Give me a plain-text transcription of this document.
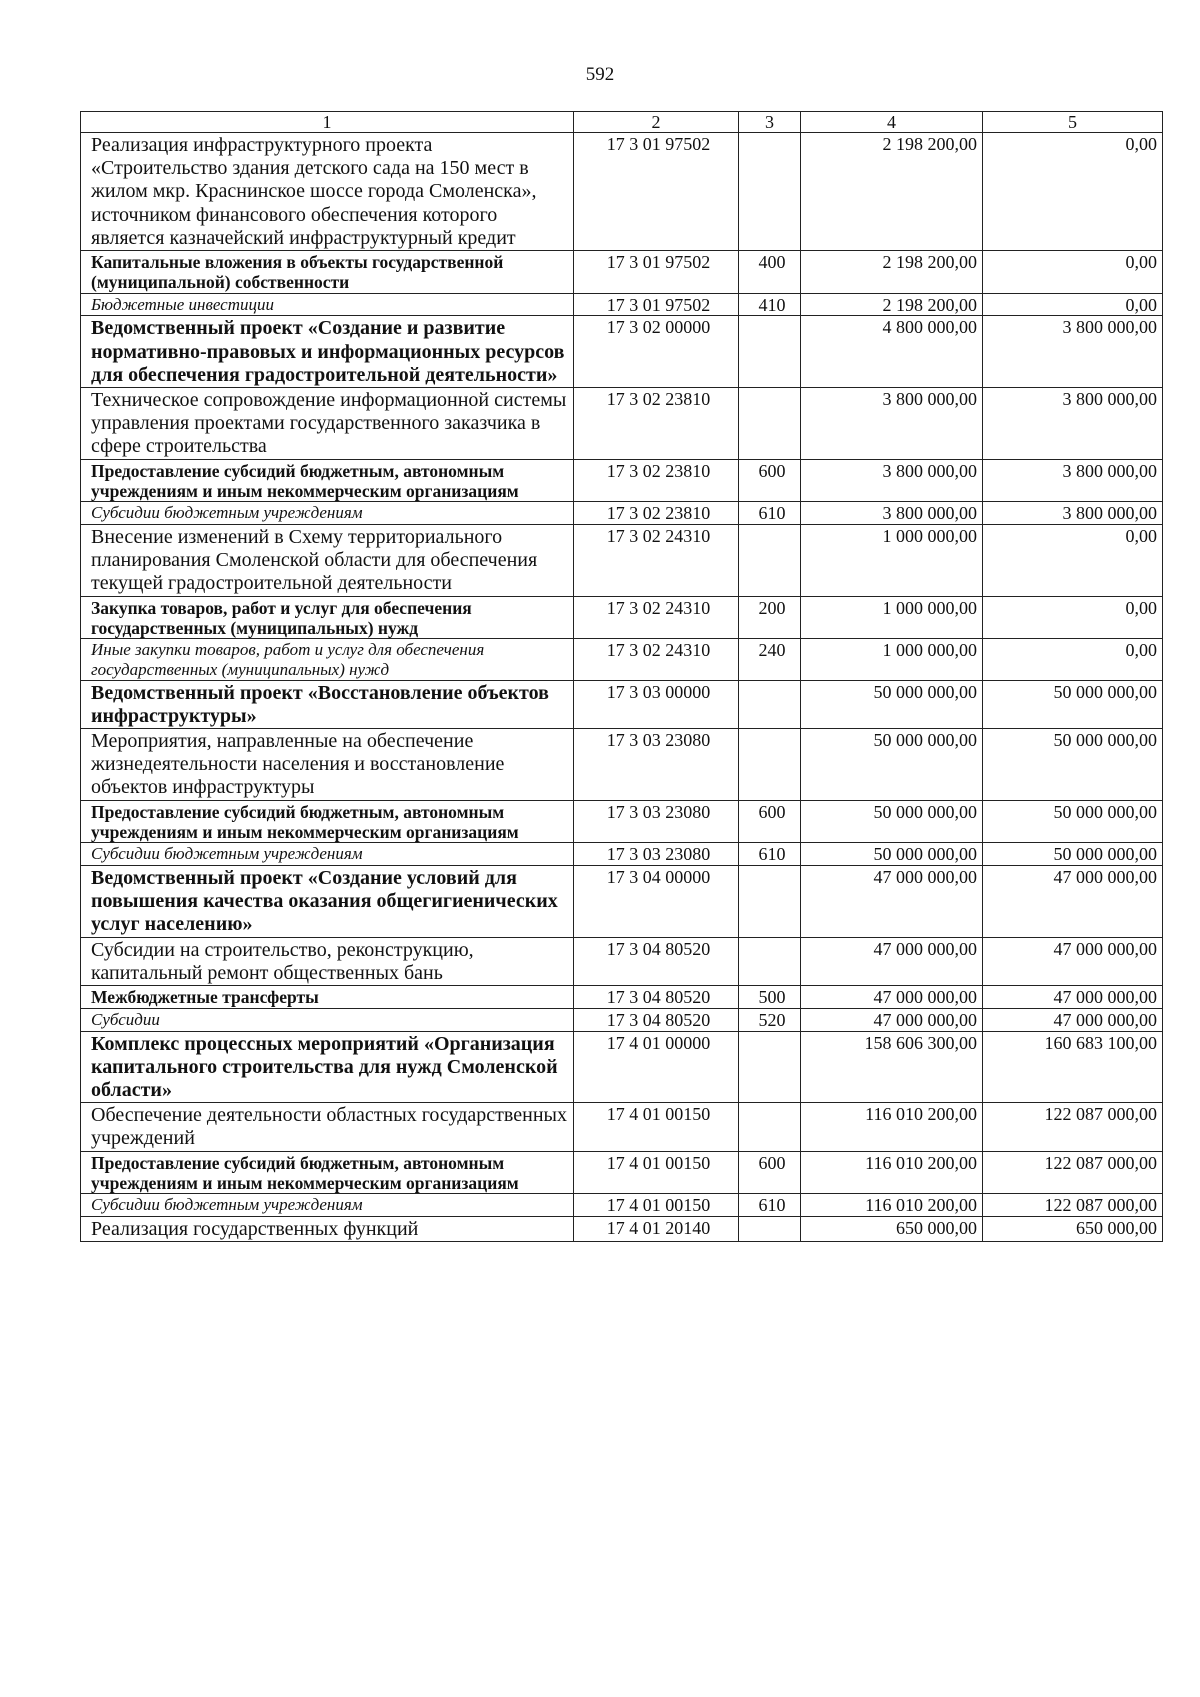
592
1	2	3	4	5
Реализация инфраструктурного проекта «Строительство здания детского сада на 150 мест в жилом мкр. Краснинское шоссе города Смоленска», источником финансового обеспечения которого является казначейский инфраструктурный кредит	17 3 01 97502		2 198 200,00	0,00
Капитальные вложения в объекты государственной (муниципальной) собственности	17 3 01 97502	400	2 198 200,00	0,00
Бюджетные инвестиции	17 3 01 97502	410	2 198 200,00	0,00
Ведомственный проект «Создание и развитие нормативно-правовых и информационных ресурсов для обеспечения градостроительной деятельности»	17 3 02 00000		4 800 000,00	3 800 000,00
Техническое сопровождение информационной системы управления проектами государственного заказчика в сфере строительства	17 3 02 23810		3 800 000,00	3 800 000,00
Предоставление субсидий бюджетным, автономным учреждениям и иным некоммерческим организациям	17 3 02 23810	600	3 800 000,00	3 800 000,00
Субсидии бюджетным учреждениям	17 3 02 23810	610	3 800 000,00	3 800 000,00
Внесение изменений в Схему территориального планирования Смоленской области для обеспечения текущей градостроительной деятельности	17 3 02 24310		1 000 000,00	0,00
Закупка товаров, работ и услуг для обеспечения государственных (муниципальных) нужд	17 3 02 24310	200	1 000 000,00	0,00
Иные закупки товаров, работ и услуг для обеспечения государственных (муниципальных) нужд	17 3 02 24310	240	1 000 000,00	0,00
Ведомственный проект «Восстановление объектов инфраструктуры»	17 3 03 00000		50 000 000,00	50 000 000,00
Мероприятия, направленные на обеспечение жизнедеятельности населения и восстановление объектов инфраструктуры	17 3 03 23080		50 000 000,00	50 000 000,00
Предоставление субсидий бюджетным, автономным учреждениям и иным некоммерческим организациям	17 3 03 23080	600	50 000 000,00	50 000 000,00
Субсидии бюджетным учреждениям	17 3 03 23080	610	50 000 000,00	50 000 000,00
Ведомственный проект «Создание условий для повышения качества оказания общегигиенических услуг населению»	17 3 04 00000		47 000 000,00	47 000 000,00
Субсидии на строительство, реконструкцию, капитальный ремонт общественных бань	17 3 04 80520		47 000 000,00	47 000 000,00
Межбюджетные трансферты	17 3 04 80520	500	47 000 000,00	47 000 000,00
Субсидии	17 3 04 80520	520	47 000 000,00	47 000 000,00
Комплекс процессных мероприятий «Организация капитального строительства для нужд Смоленской области»	17 4 01 00000		158 606 300,00	160 683 100,00
Обеспечение деятельности областных государственных учреждений	17 4 01 00150		116 010 200,00	122 087 000,00
Предоставление субсидий бюджетным, автономным учреждениям и иным некоммерческим организациям	17 4 01 00150	600	116 010 200,00	122 087 000,00
Субсидии бюджетным учреждениям	17 4 01 00150	610	116 010 200,00	122 087 000,00
Реализация государственных функций	17 4 01 20140		650 000,00	650 000,00
